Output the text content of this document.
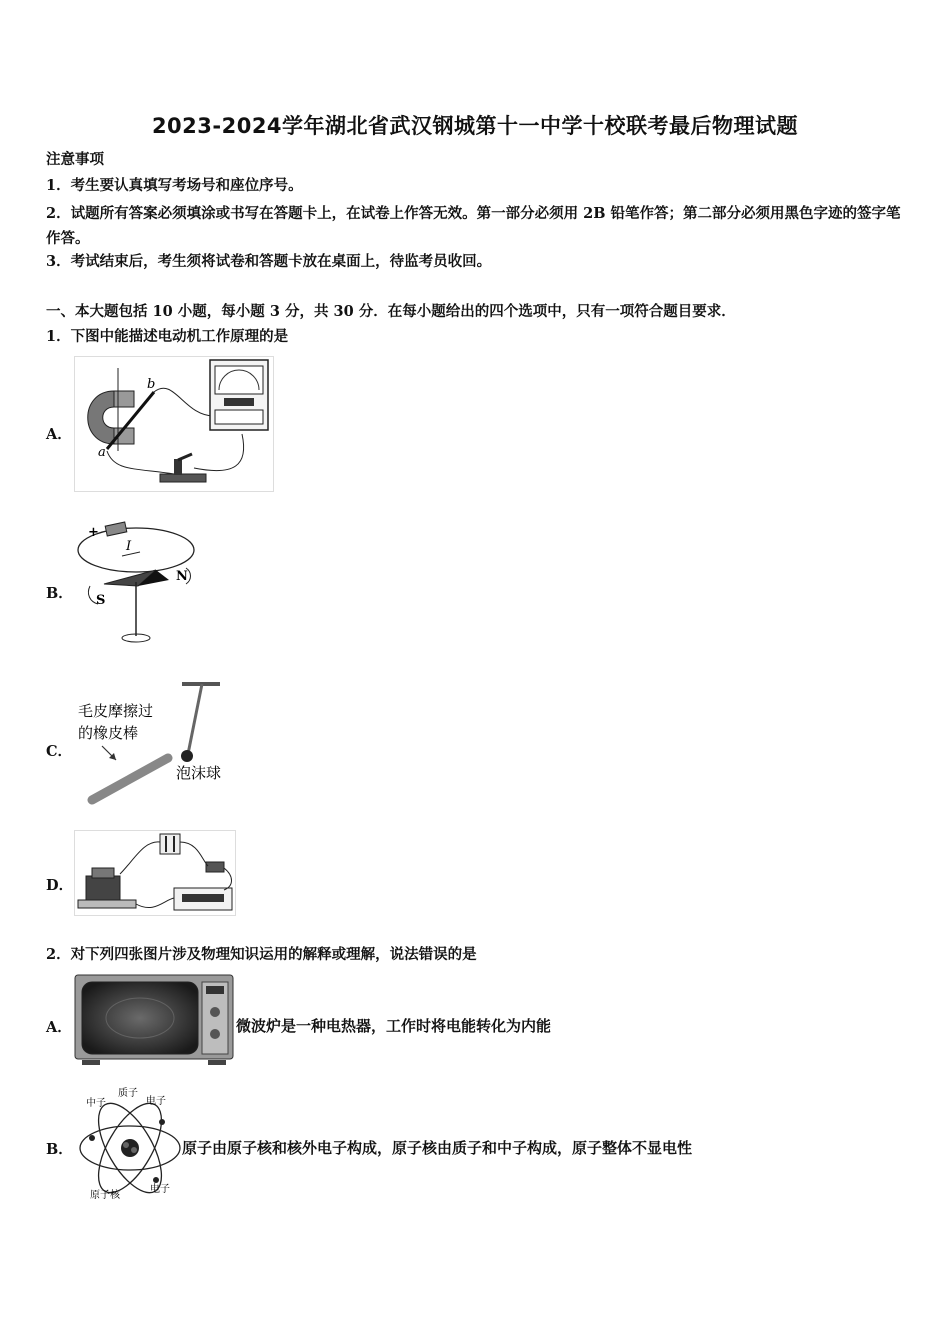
2023-2024学年湖北省武汉钢城第十一中学十校联考最后物理试题
注意事项
1．考生要认真填写考场号和座位序号。
2．试题所有答案必须填涂或书写在答题卡上，在试卷上作答无效。第一部分必须用 2B 铅笔作答；第二部分必须用黑色字迹的签字笔作答。
3．考试结束后，考生须将试卷和答题卡放在桌面上，待监考员收回。
一、本大题包括 10 小题，每小题 3 分，共 30 分．在每小题给出的四个选项中，只有一项符合题目要求．
1．下图中能描述电动机工作原理的是
A．
b
a
B．
+
I
N
S
C．
毛皮摩擦过
的橡皮棒
泡沫球
D．
2．对下列四张图片涉及物理知识运用的解释或理解，说法错误的是
A．	微波炉是一种电热器，工作时将电能转化为内能
B．
中子
质子
电子
原子核
电子
原子由原子核和核外电子构成，原子核由质子和中子构成，原子整体不显电性
